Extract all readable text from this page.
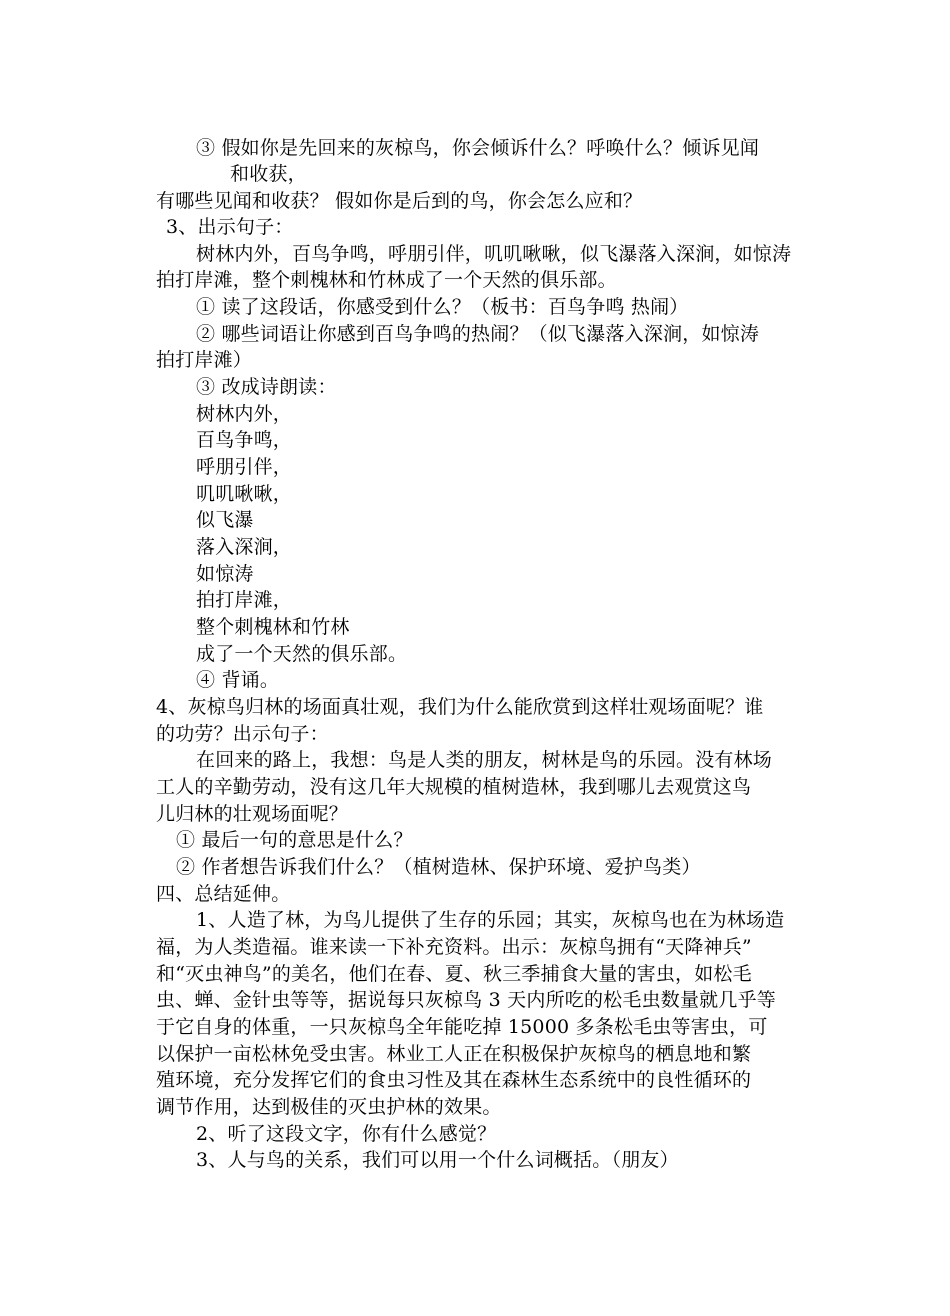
③ 假如你是先回来的灰椋鸟，你会倾诉什么？呼唤什么？倾诉见闻
和收获，
有哪些见闻和收获？ 假如你是后到的鸟，你会怎么应和？
3、出示句子：
树林内外，百鸟争鸣，呼朋引伴，叽叽啾啾，似飞瀑落入深涧，如惊涛
拍打岸滩，整个刺槐林和竹林成了一个天然的俱乐部。
① 读了这段话，你感受到什么？（板书：百鸟争鸣 热闹）
② 哪些词语让你感到百鸟争鸣的热闹？（似飞瀑落入深涧，如惊涛
拍打岸滩）
③ 改成诗朗读：
树林内外，
百鸟争鸣，
呼朋引伴，
叽叽啾啾，
似飞瀑
落入深涧，
如惊涛
拍打岸滩，
整个刺槐林和竹林
成了一个天然的俱乐部。
④ 背诵。
4、灰椋鸟归林的场面真壮观，我们为什么能欣赏到这样壮观场面呢？谁
的功劳？出示句子：
在回来的路上，我想：鸟是人类的朋友，树林是鸟的乐园。没有林场
工人的辛勤劳动，没有这几年大规模的植树造林，我到哪儿去观赏这鸟
儿归林的壮观场面呢？
① 最后一句的意思是什么？
② 作者想告诉我们什么？（植树造林、保护环境、爱护鸟类）
四、总结延伸。
1、人造了林，为鸟儿提供了生存的乐园；其实，灰椋鸟也在为林场造
福，为人类造福。谁来读一下补充资料。出示：灰椋鸟拥有“天降神兵”
和“灭虫神鸟”的美名，他们在春、夏、秋三季捕食大量的害虫，如松毛
虫、蝉、金针虫等等，据说每只灰椋鸟 3 天内所吃的松毛虫数量就几乎等
于它自身的体重，一只灰椋鸟全年能吃掉 15000 多条松毛虫等害虫，可
以保护一亩松林免受虫害。林业工人正在积极保护灰椋鸟的栖息地和繁
殖环境，充分发挥它们的食虫习性及其在森林生态系统中的良性循环的
调节作用，达到极佳的灭虫护林的效果。
2、听了这段文字，你有什么感觉？
3、人与鸟的关系，我们可以用一个什么词概括。（朋友）
